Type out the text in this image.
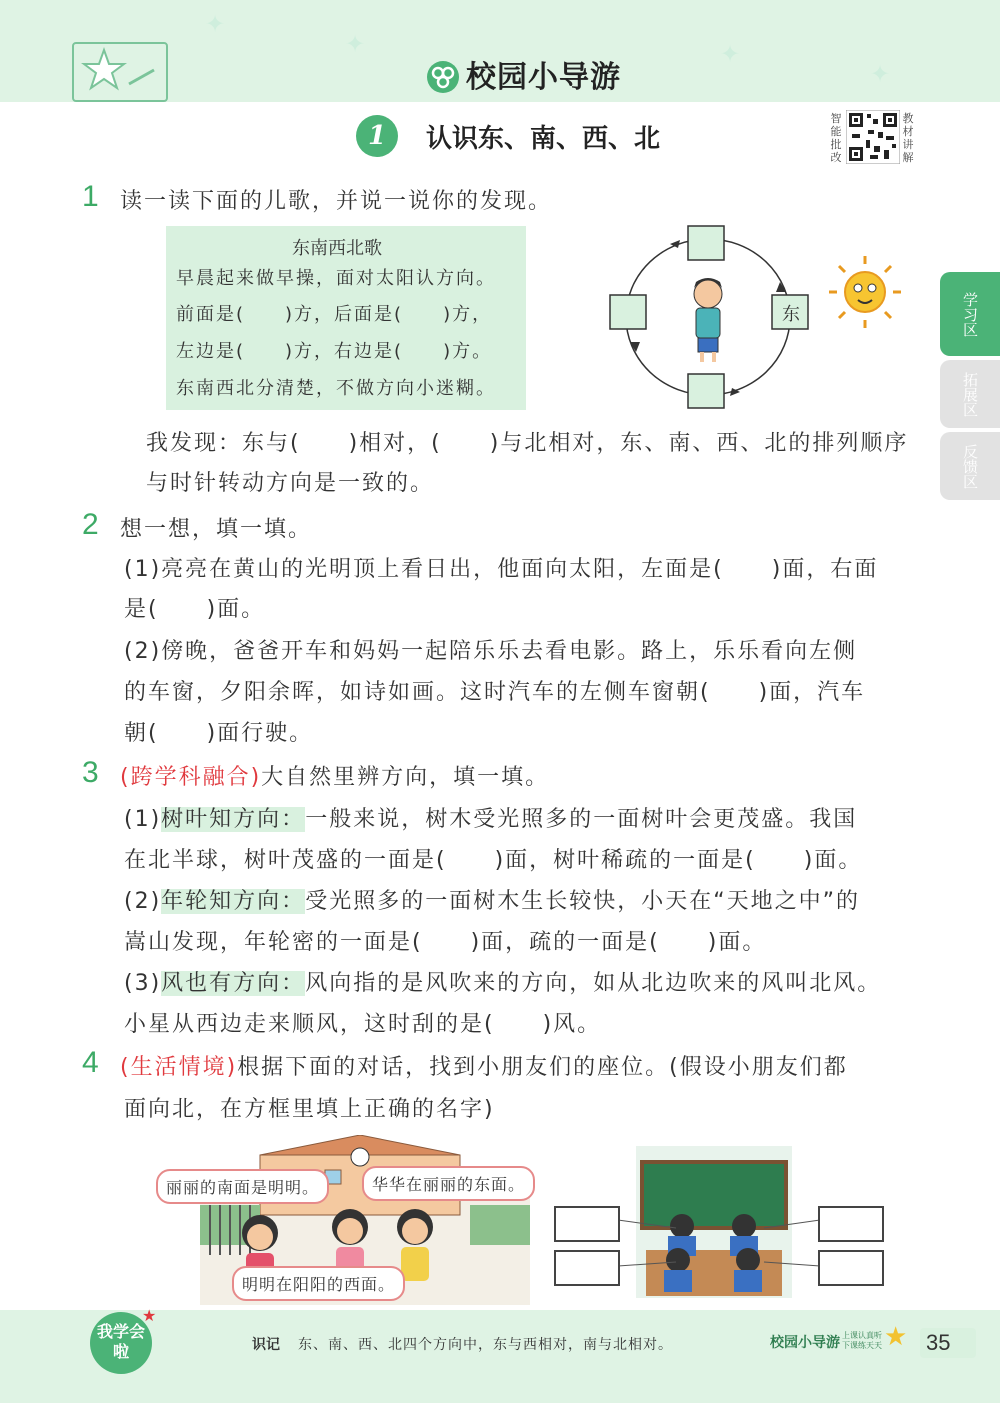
✦
✦	✦
✦
校园小导游
1	认识东、南、西、北
智能批改
教材讲解
学习区
拓展区
反馈区
1 读一读下面的儿歌，并说一说你的发现。
东南西北歌
早晨起来做早操，面对太阳认方向。
前面是(　　)方，后面是(　　)方，
左边是(　　)方，右边是(　　)方。
东南西北分清楚，不做方向小迷糊。
东
我发现：东与(　　)相对，(　　)与北相对，东、南、西、北的排列顺序
与时针转动方向是一致的。
2 想一想，填一填。
(1)亮亮在黄山的光明顶上看日出，他面向太阳，左面是(　　)面，右面
是(　　)面。
(2)傍晚，爸爸开车和妈妈一起陪乐乐去看电影。路上，乐乐看向左侧
的车窗，夕阳余晖，如诗如画。这时汽车的左侧车窗朝(　　)面，汽车
朝(　　)面行驶。
3 (跨学科融合)大自然里辨方向，填一填。
(1)树叶知方向：一般来说，树木受光照多的一面树叶会更茂盛。我国
在北半球，树叶茂盛的一面是(　　)面，树叶稀疏的一面是(　　)面。
(2)年轮知方向：受光照多的一面树木生长较快，小天在“天地之中”的
嵩山发现，年轮密的一面是(　　)面，疏的一面是(　　)面。
(3)风也有方向：风向指的是风吹来的方向，如从北边吹来的风叫北风。
小星从西边走来顺风，这时刮的是(　　)风。
4 (生活情境)根据下面的对话，找到小朋友们的座位。(假设小朋友们都
面向北，在方框里填上正确的名字)
丽丽的南面是明明。	华华在丽丽的东面。
明明在阳阳的西面。
我学会啦
★
识记 东、南、西、北四个方向中，东与西相对，南与北相对。	校园小导游 上课认真听
下课练天天 ★ 35
